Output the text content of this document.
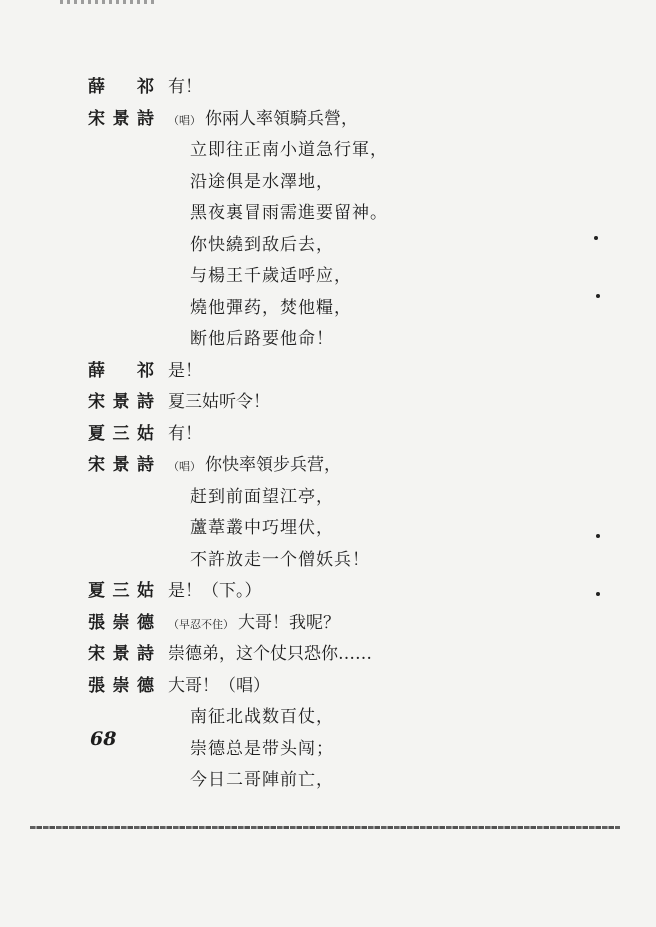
薛 祁 有！
宋景詩 （唱） 你兩人率領騎兵營，
立即往正南小道急行軍，
沿途俱是水澤地，
黑夜裏冒雨需進要留神。
你快繞到敌后去，
与楊王千歲适呼应，
燒他彈药，焚他糧，
断他后路要他命！
薛 祁 是！
宋景詩 夏三姑听令！
夏三姑 有！
宋景詩 （唱） 你快率領步兵营，
赶到前面望江亭，
蘆葦叢中巧埋伏，
不許放走一个僧妖兵！
夏三姑 是！（下。）
張崇德 （早忍不住） 大哥！我呢？
宋景詩 崇德弟，这个仗只恐你……
張崇德 大哥！（唱）
南征北战数百仗，
崇德总是带头闯；
今日二哥陣前亡，
68
